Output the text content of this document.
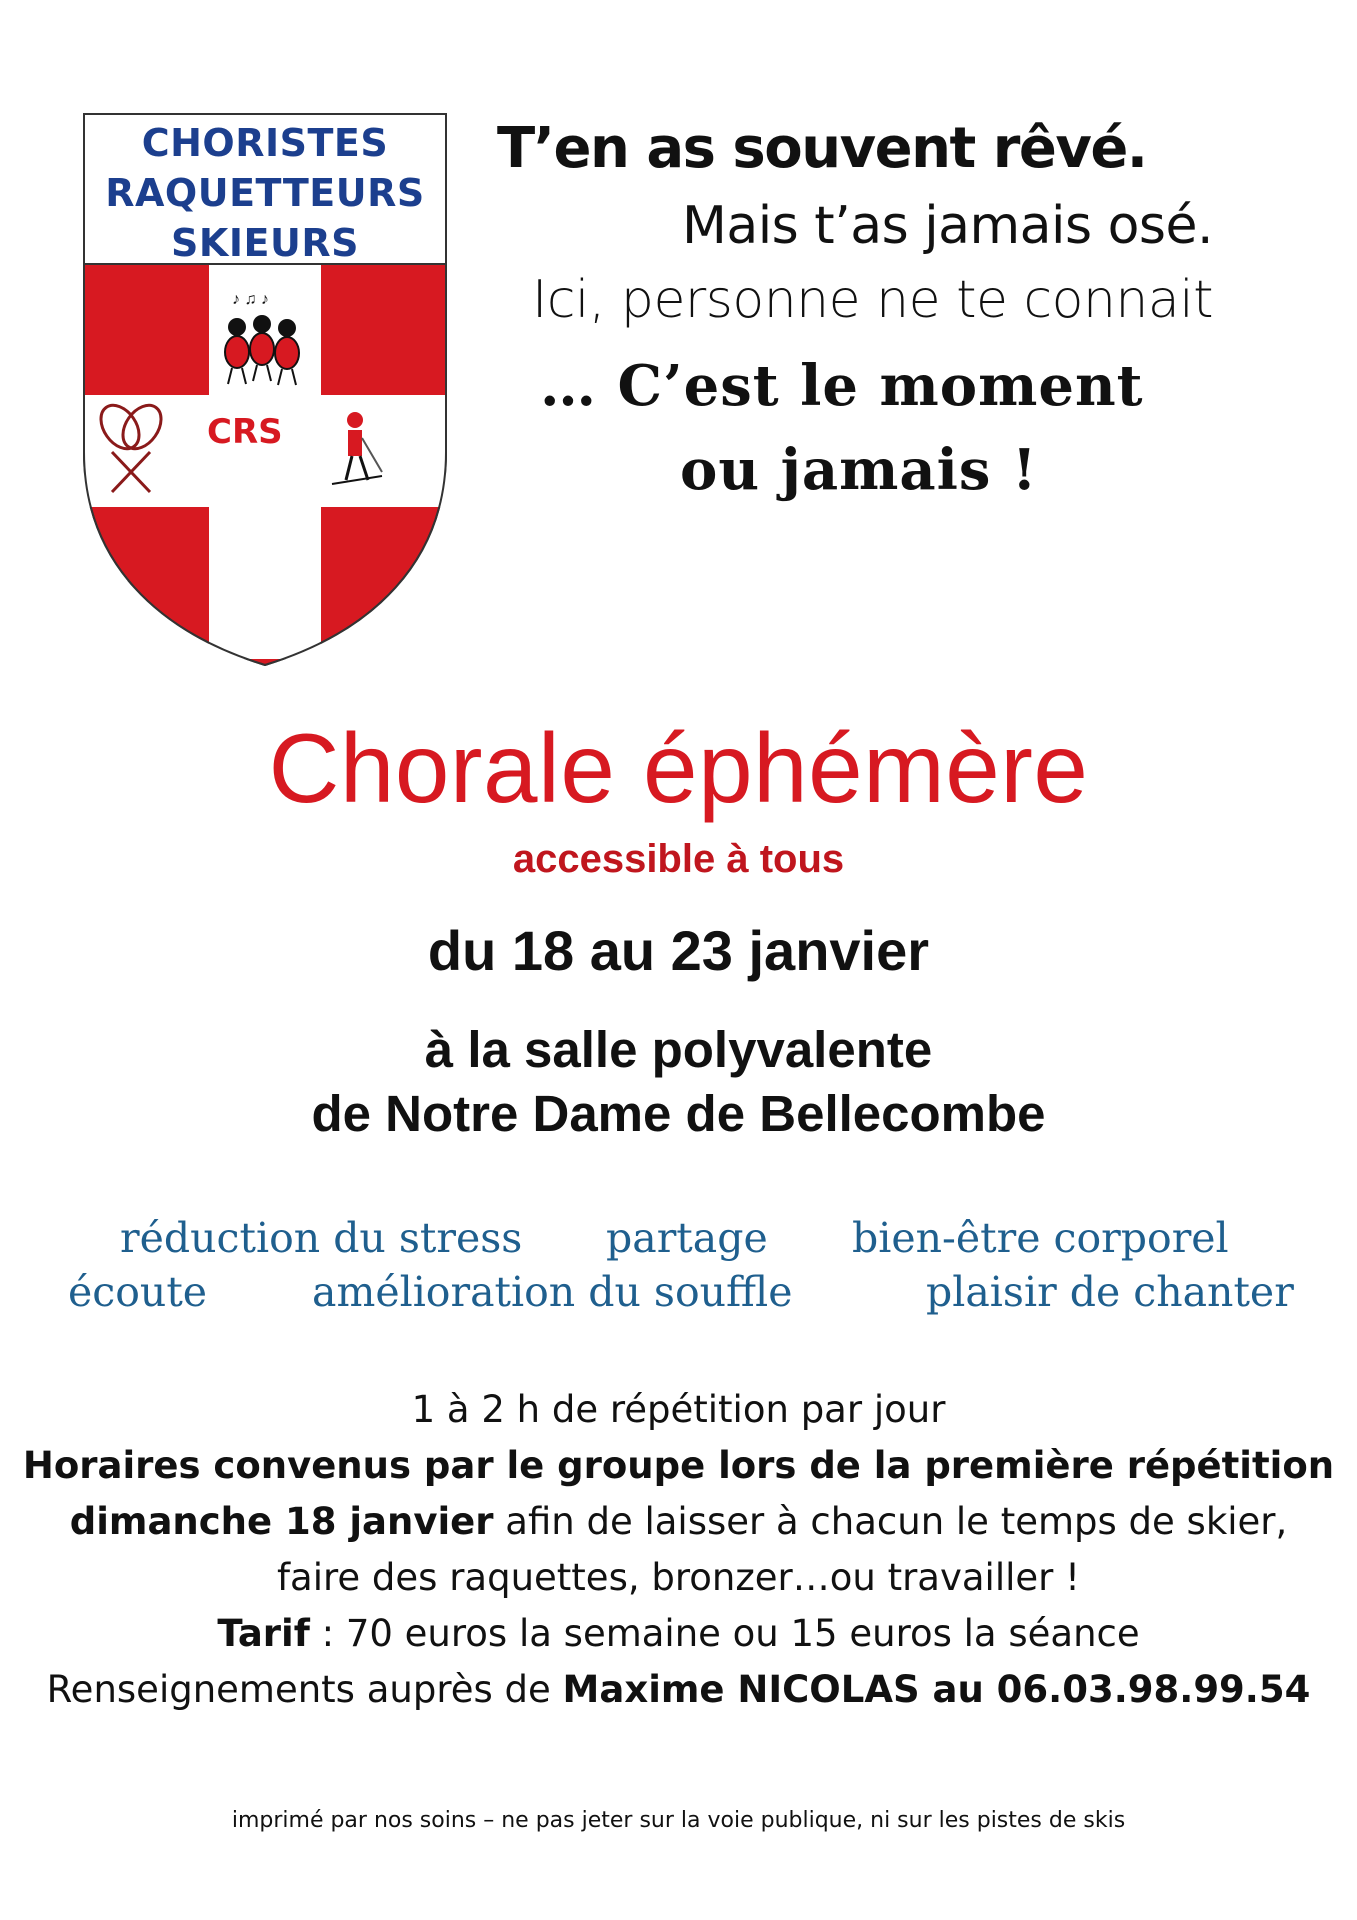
♪ ♫ ♪
CHORISTES
RAQUETTEURS
SKIEURS
CRS
T’en as souvent rêvé.
Mais t’as jamais osé.
Ici, personne ne te connait
… C’est le moment
ou jamais !
Chorale éphémère
accessible à tous
du 18 au 23 janvier
à la salle polyvalente
de Notre Dame de Bellecombe
réduction du stress partage bien-être corporel
écoute	amélioration du souffle	plaisir de chanter
1 à 2 h de répétition par jour
Horaires convenus par le groupe lors de la première répétition
dimanche 18 janvier afin de laisser à chacun le temps de skier,
faire des raquettes, bronzer…ou travailler !
Tarif : 70 euros la semaine ou 15 euros la séance
Renseignements auprès de Maxime NICOLAS au 06.03.98.99.54
imprimé par nos soins – ne pas jeter sur la voie publique, ni sur les pistes de skis
